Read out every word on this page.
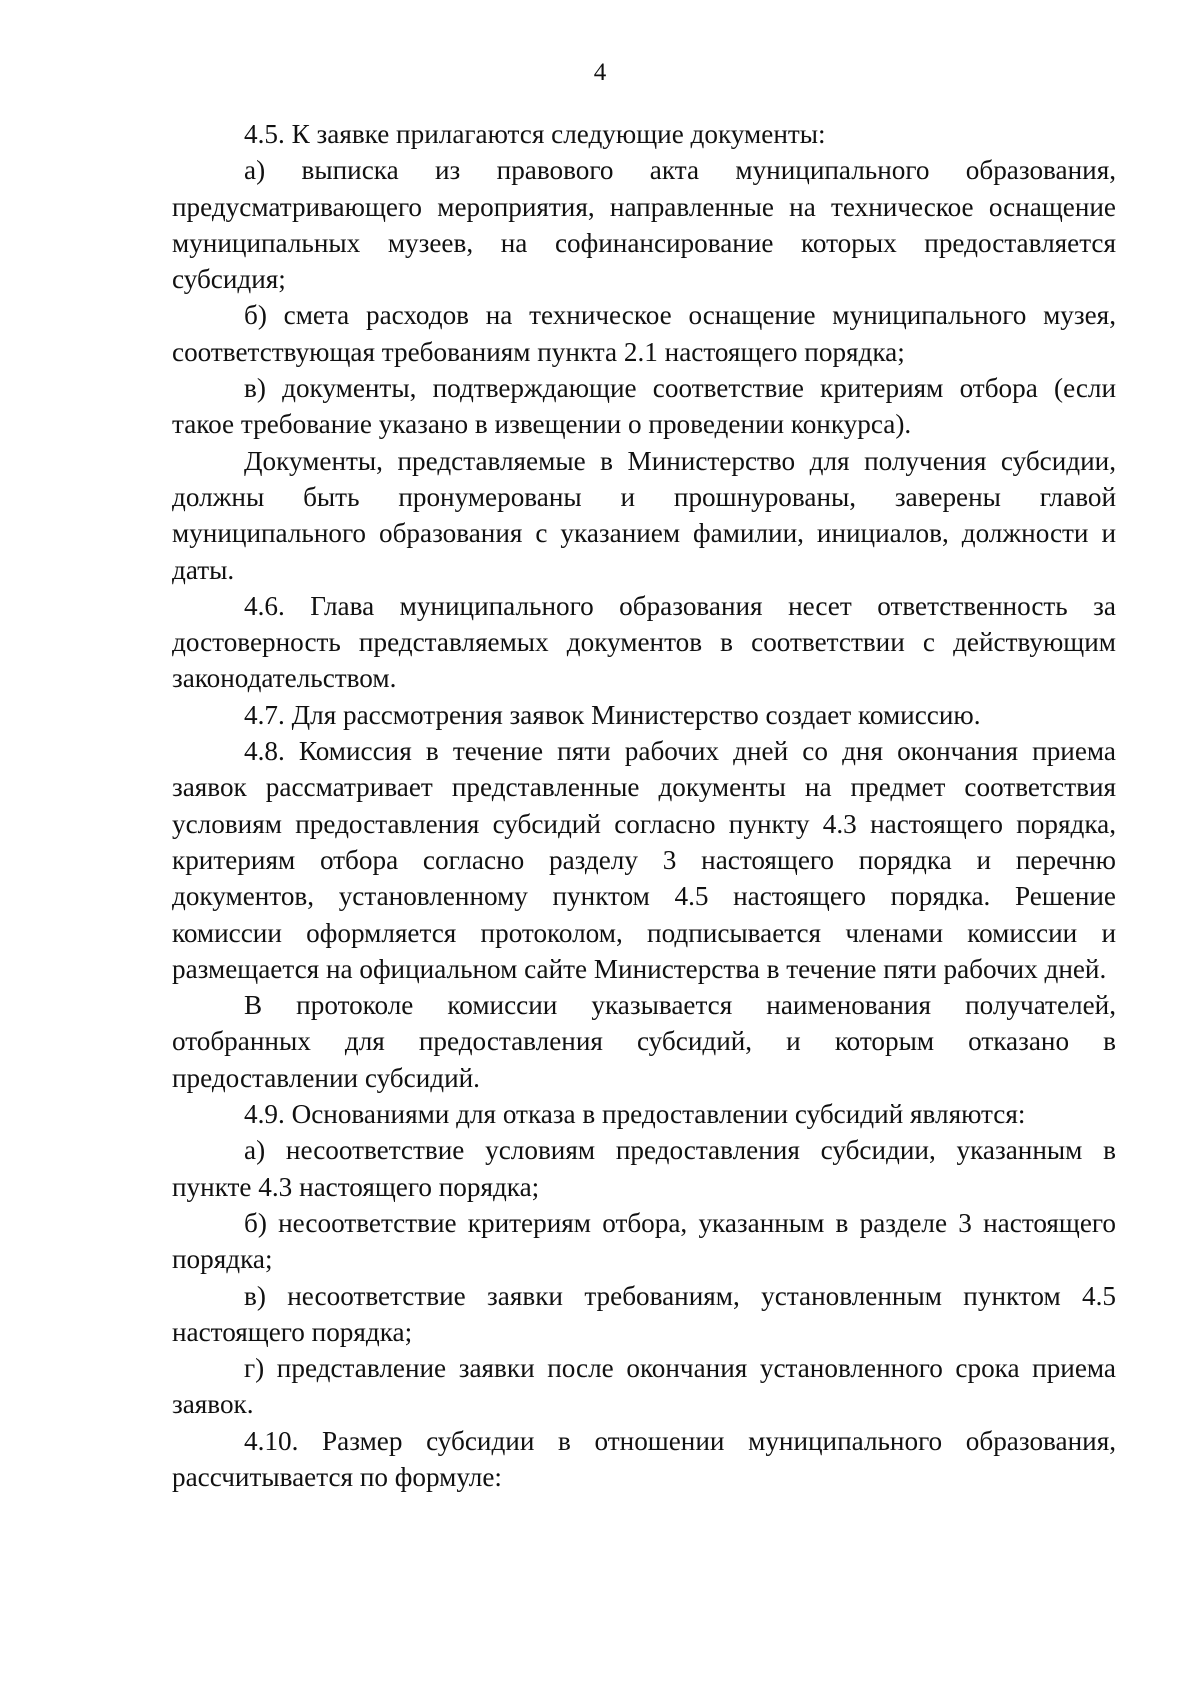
4

4.5. К заявке прилагаются следующие документы:

а) выписка из правового акта муниципального образования, предусматривающего мероприятия, направленные на техническое оснащение муниципальных музеев, на софинансирование которых предоставляется субсидия;

б) смета расходов на техническое оснащение муниципального музея, соответствующая требованиям пункта 2.1 настоящего порядка;

в) документы, подтверждающие соответствие критериям отбора (если такое требование указано в извещении о проведении конкурса).

Документы, представляемые в Министерство для получения субсидии, должны быть пронумерованы и прошнурованы, заверены главой муниципального образования с указанием фамилии, инициалов, должности и даты.

4.6. Глава муниципального образования несет ответственность за достоверность представляемых документов в соответствии с действующим законодательством.

4.7. Для рассмотрения заявок Министерство создает комиссию.

4.8. Комиссия в течение пяти рабочих дней со дня окончания приема заявок рассматривает представленные документы на предмет соответствия условиям предоставления субсидий согласно пункту 4.3 настоящего порядка, критериям отбора согласно разделу 3 настоящего порядка и перечню документов, установленному пунктом 4.5 настоящего порядка. Решение комиссии оформляется протоколом, подписывается членами комиссии и размещается на официальном сайте Министерства в течение пяти рабочих дней.

В протоколе комиссии указывается наименования получателей, отобранных для предоставления субсидий, и которым отказано в предоставлении субсидий.

4.9. Основаниями для отказа в предоставлении субсидий являются:

а) несоответствие условиям предоставления субсидии, указанным в пункте 4.3 настоящего порядка;

б) несоответствие критериям отбора, указанным в разделе 3 настоящего порядка;

в) несоответствие заявки требованиям, установленным пунктом 4.5 настоящего порядка;

г) представление заявки после окончания установленного срока приема заявок.

4.10. Размер субсидии в отношении муниципального образования, рассчитывается по формуле:
